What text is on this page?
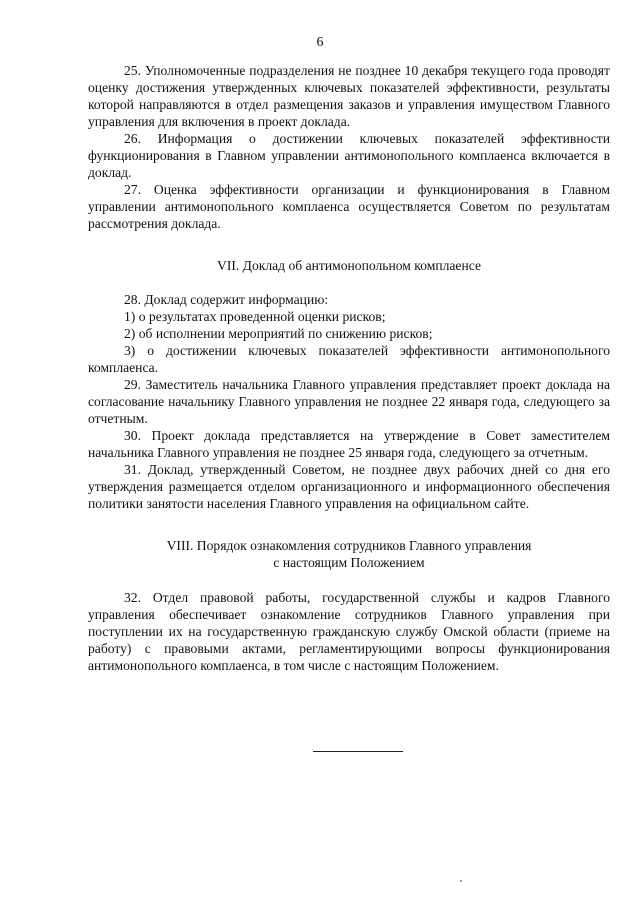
6

25. Уполномоченные подразделения не позднее 10 декабря текущего года проводят оценку достижения утвержденных ключевых показателей эффективности, результаты которой направляются в отдел размещения заказов и управления имуществом Главного управления для включения в проект доклада.

26. Информация о достижении ключевых показателей эффективности функционирования в Главном управлении антимонопольного комплаенса включается в доклад.

27. Оценка эффективности организации и функционирования в Главном управлении антимонопольного комплаенса осуществляется Советом по результатам рассмотрения доклада.

VII. Доклад об антимонопольном комплаенсе

28. Доклад содержит информацию:

1) о результатах проведенной оценки рисков;

2) об исполнении мероприятий по снижению рисков;

3) о достижении ключевых показателей эффективности антимонопольного комплаенса.

29. Заместитель начальника Главного управления представляет проект доклада на согласование начальнику Главного управления не позднее 22 января года, следующего за отчетным.

30. Проект доклада представляется на утверждение в Совет заместителем начальника Главного управления не позднее 25 января года, следующего за отчетным.

31. Доклад, утвержденный Советом, не позднее двух рабочих дней со дня его утверждения размещается отделом организационного и информационного обеспечения политики занятости населения Главного управления на официальном сайте.

VIII. Порядок ознакомления сотрудников Главного управления

с настоящим Положением

32. Отдел правовой работы, государственной службы и кадров Главного управления обеспечивает ознакомление сотрудников Главного управления при поступлении их на государственную гражданскую службу Омской области (приеме на работу) с правовыми актами, регламентирующими вопросы функционирования антимонопольного комплаенса, в том числе с настоящим Положением.
